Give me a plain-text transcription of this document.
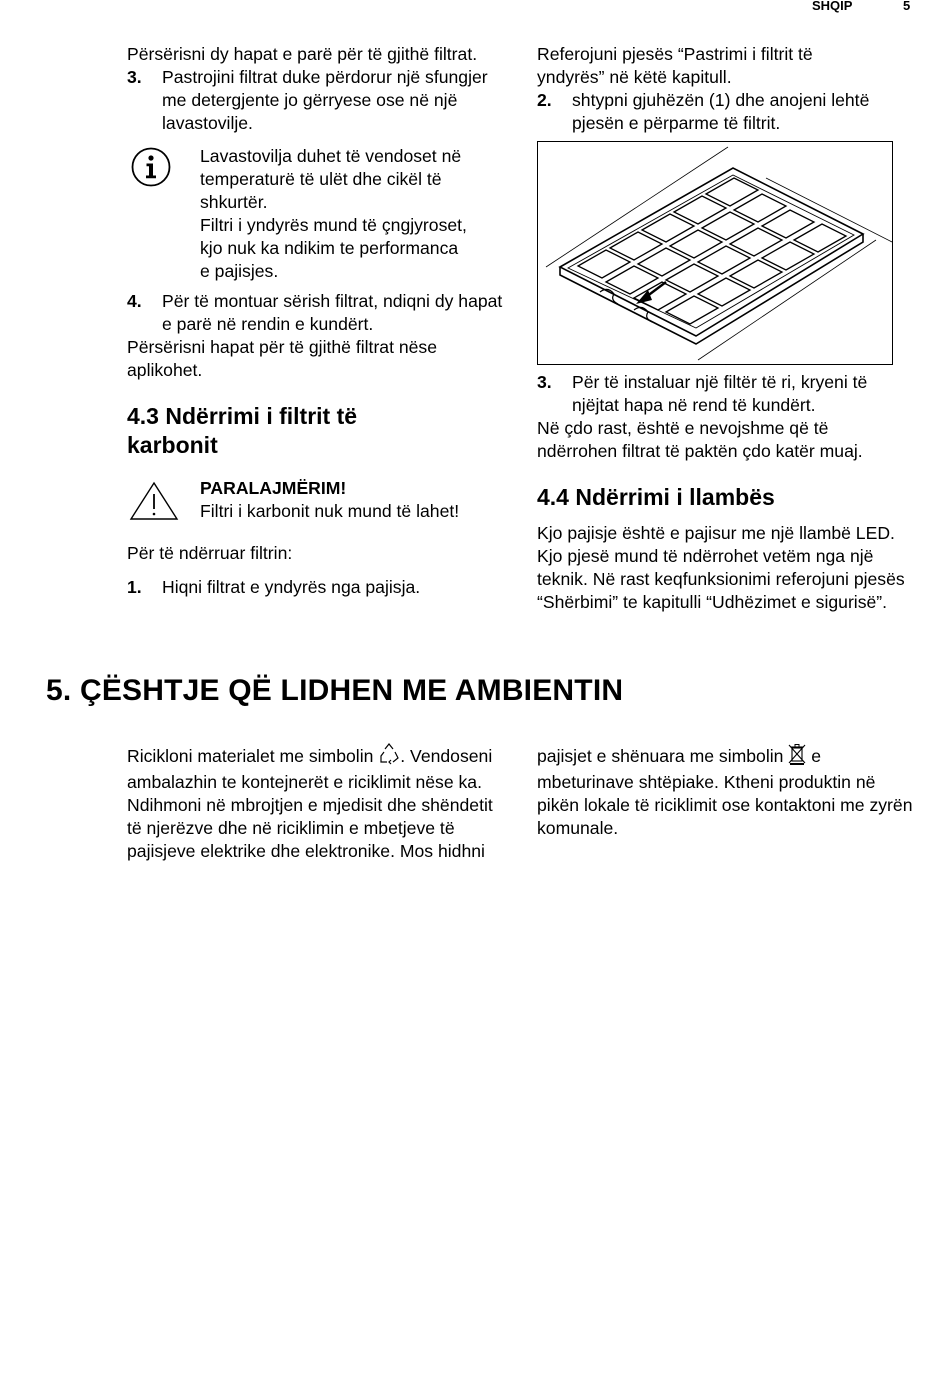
SHQIP	5

Përsërisni dy hapat e parë për të gjithë filtrat.

3. Pastrojini filtrat duke përdorur një sfungjer me detergjente jo gërryese ose në një lavastovilje.

Lavastovilja duhet të vendoset në temperaturë të ulët dhe cikël të shkurtër.

Filtri i yndyrës mund të çngjyroset, kjo nuk ka ndikim te performanca e pajisjes.

4. Për të montuar sërish filtrat, ndiqni dy hapat e parë në rendin e kundërt.

Përsërisni hapat për të gjithë filtrat nëse aplikohet.

4.3 Ndërrimi i filtrit të karbonit

PARALAJMËRIM!

Filtri i karbonit nuk mund të lahet!

Për të ndërruar filtrin:

1. Hiqni filtrat e yndyrës nga pajisja.

Referojuni pjesës “Pastrimi i filtrit të yndyrës” në këtë kapitull.

2. shtypni gjuhëzën (1) dhe anojeni lehtë pjesën e përparme të filtrit.
3. Për të instaluar një filtër të ri, kryeni të njëjtat hapa në rend të kundërt.

Në çdo rast, është e nevojshme që të ndërrohen filtrat të paktën çdo katër muaj.

4.4 Ndërrimi i llambës

Kjo pajisje është e pajisur me një llambë LED. Kjo pjesë mund të ndërrohet vetëm nga një teknik. Në rast keqfunksionimi referojuni pjesës “Shërbimi” te kapitulli “Udhëzimet e sigurisë”.

5. ÇËSHTJE QË LIDHEN ME AMBIENTIN

Ricikloni materialet me simbolin . Vendoseni ambalazhin te kontejnerët e riciklimit nëse ka. Ndihmoni në mbrojtjen e mjedisit dhe shëndetit të njerëzve dhe në riciklimin e mbetjeve të pajisjeve elektrike dhe elektronike. Mos hidhni

pajisjet e shënuara me simbolin  e mbeturinave shtëpiake. Ktheni produktin në pikën lokale të riciklimit ose kontaktoni me zyrën komunale.
